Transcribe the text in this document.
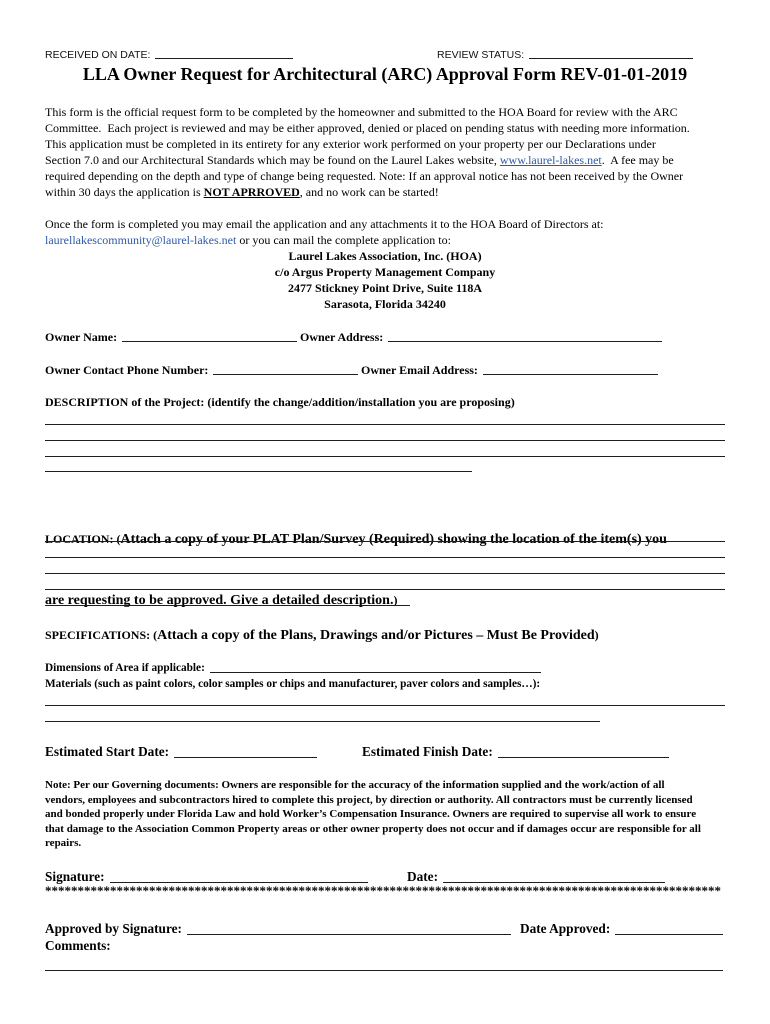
RECEIVED ON DATE:	REVIEW STATUS:
LLA Owner Request for Architectural (ARC) Approval Form REV-01-01-2019
This form is the official request form to be completed by the homeowner and submitted to the HOA Board for review with the ARC
Committee.  Each project is reviewed and may be either approved, denied or placed on pending status with needing more information.
This application must be completed in its entirety for any exterior work performed on your property per our Declarations under
Section 7.0 and our Architectural Standards which may be found on the Laurel Lakes website, www.laurel-lakes.net.  A fee may be
required depending on the depth and type of change being requested. Note: If an approval notice has not been received by the Owner
within 30 days the application is NOT APRROVED, and no work can be started!
Once the form is completed you may email the application and any attachments it to the HOA Board of Directors at:
laurellakescommunity@laurel-lakes.net or you can mail the complete application to:
Laurel Lakes Association, Inc. (HOA)
c/o Argus Property Management Company
2477 Stickney Point Drive, Suite 118A
Sarasota, Florida 34240
Owner Name:	Owner Address:
Owner Contact Phone Number:	Owner Email Address:
DESCRIPTION of the Project: (identify the change/addition/installation you are proposing)

LOCATION: (Attach a copy of your PLAT Plan/Survey (Required) showing the location of the item(s) you

are requesting to be approved. Give a detailed description.)

SPECIFICATIONS: (Attach a copy of the Plans, Drawings and/or Pictures – Must Be Provided)
Dimensions of Area if applicable:
Materials (such as paint colors, color samples or chips and manufacturer, paver colors and samples…):
Estimated Start Date:	Estimated Finish Date:
Note: Per our Governing documents: Owners are responsible for the accuracy of the information supplied and the work/action of all
vendors, employees and subcontractors hired to complete this project, by direction or authority. All contractors must be currently licensed
and bonded properly under Florida Law and hold Worker’s Compensation Insurance. Owners are required to supervise all work to ensure
that damage to the Association Common Property areas or other owner property does not occur and if damages occur are responsible for all
repairs.
Signature:	Date:
********************************************************************************************************
Approved by Signature:	Date Approved:
Comments:
